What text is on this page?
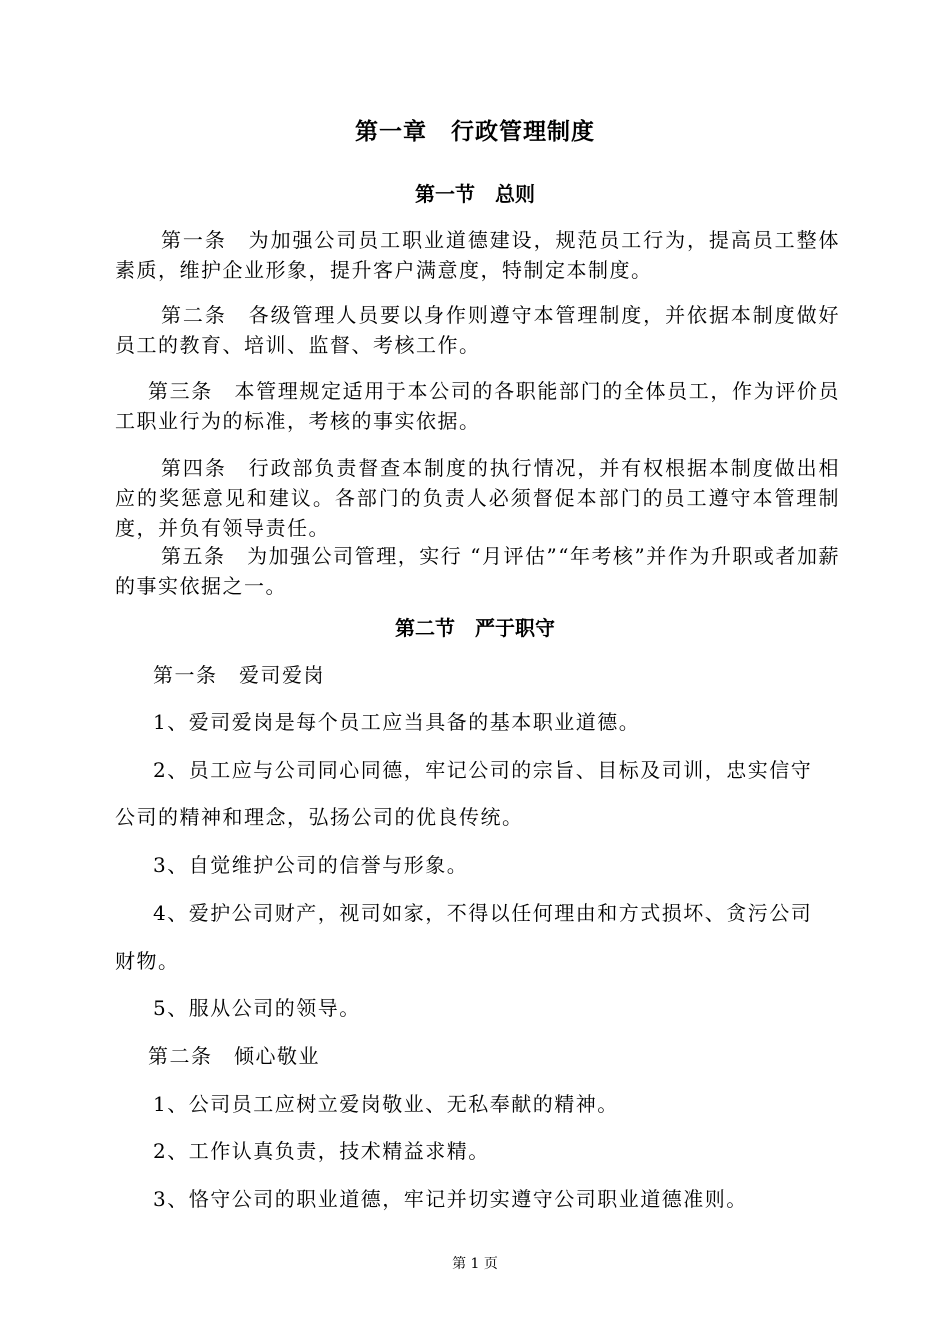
第一章　行政管理制度
第一节　总则
第一条　为加强公司员工职业道德建设，规范员工行为，提高员工整体素质，维护企业形象，提升客户满意度，特制定本制度。
第二条　各级管理人员要以身作则遵守本管理制度，并依据本制度做好员工的教育、培训、监督、考核工作。
第三条　本管理规定适用于本公司的各职能部门的全体员工，作为评价员工职业行为的标准，考核的事实依据。
第四条　行政部负责督查本制度的执行情况，并有权根据本制度做出相应的奖惩意见和建议。各部门的负责人必须督促本部门的员工遵守本管理制度，并负有领导责任。
第五条　为加强公司管理，实行 “月评估”“年考核”并作为升职或者加薪的事实依据之一。
第二节　严于职守
第一条　爱司爱岗
1、爱司爱岗是每个员工应当具备的基本职业道德。
2、员工应与公司同心同德，牢记公司的宗旨、目标及司训，忠实信守
公司的精神和理念，弘扬公司的优良传统。
3、自觉维护公司的信誉与形象。
4、爱护公司财产，视司如家，不得以任何理由和方式损坏、贪污公司
财物。
5、服从公司的领导。
第二条　倾心敬业
1、公司员工应树立爱岗敬业、无私奉献的精神。
2、工作认真负责，技术精益求精。
3、恪守公司的职业道德，牢记并切实遵守公司职业道德准则。
第 1 页
